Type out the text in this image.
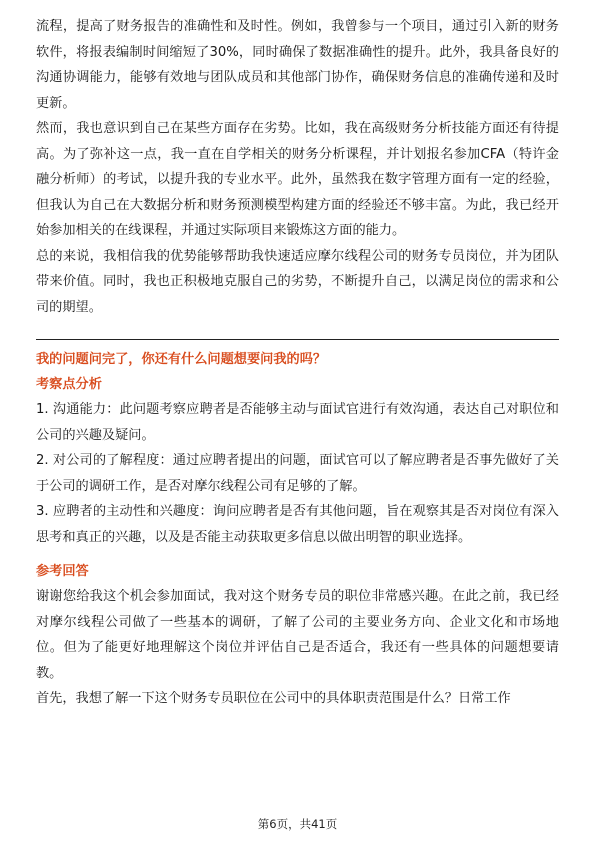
流程，提高了财务报告的准确性和及时性。例如，我曾参与一个项目，通过引入新的财务软件，将报表编制时间缩短了30%，同时确保了数据准确性的提升。此外，我具备良好的沟通协调能力，能够有效地与团队成员和其他部门协作，确保财务信息的准确传递和及时更新。

然而，我也意识到自己在某些方面存在劣势。比如，我在高级财务分析技能方面还有待提高。为了弥补这一点，我一直在自学相关的财务分析课程，并计划报名参加CFA（特许金融分析师）的考试，以提升我的专业水平。此外，虽然我在数字管理方面有一定的经验，但我认为自己在大数据分析和财务预测模型构建方面的经验还不够丰富。为此，我已经开始参加相关的在线课程，并通过实际项目来锻炼这方面的能力。

总的来说，我相信我的优势能够帮助我快速适应摩尔线程公司的财务专员岗位，并为团队带来价值。同时，我也正积极地克服自己的劣势，不断提升自己，以满足岗位的需求和公司的期望。

我的问题问完了，你还有什么问题想要问我的吗？

考察点分析

1. 沟通能力：此问题考察应聘者是否能够主动与面试官进行有效沟通，表达自己对职位和公司的兴趣及疑问。

2. 对公司的了解程度：通过应聘者提出的问题，面试官可以了解应聘者是否事先做好了关于公司的调研工作，是否对摩尔线程公司有足够的了解。

3. 应聘者的主动性和兴趣度：询问应聘者是否有其他问题，旨在观察其是否对岗位有深入思考和真正的兴趣，以及是否能主动获取更多信息以做出明智的职业选择。

参考回答

谢谢您给我这个机会参加面试，我对这个财务专员的职位非常感兴趣。在此之前，我已经对摩尔线程公司做了一些基本的调研，了解了公司的主要业务方向、企业文化和市场地位。但为了能更好地理解这个岗位并评估自己是否适合，我还有一些具体的问题想要请教。

首先，我想了解一下这个财务专员职位在公司中的具体职责范围是什么？日常工作

第6页，共41页
